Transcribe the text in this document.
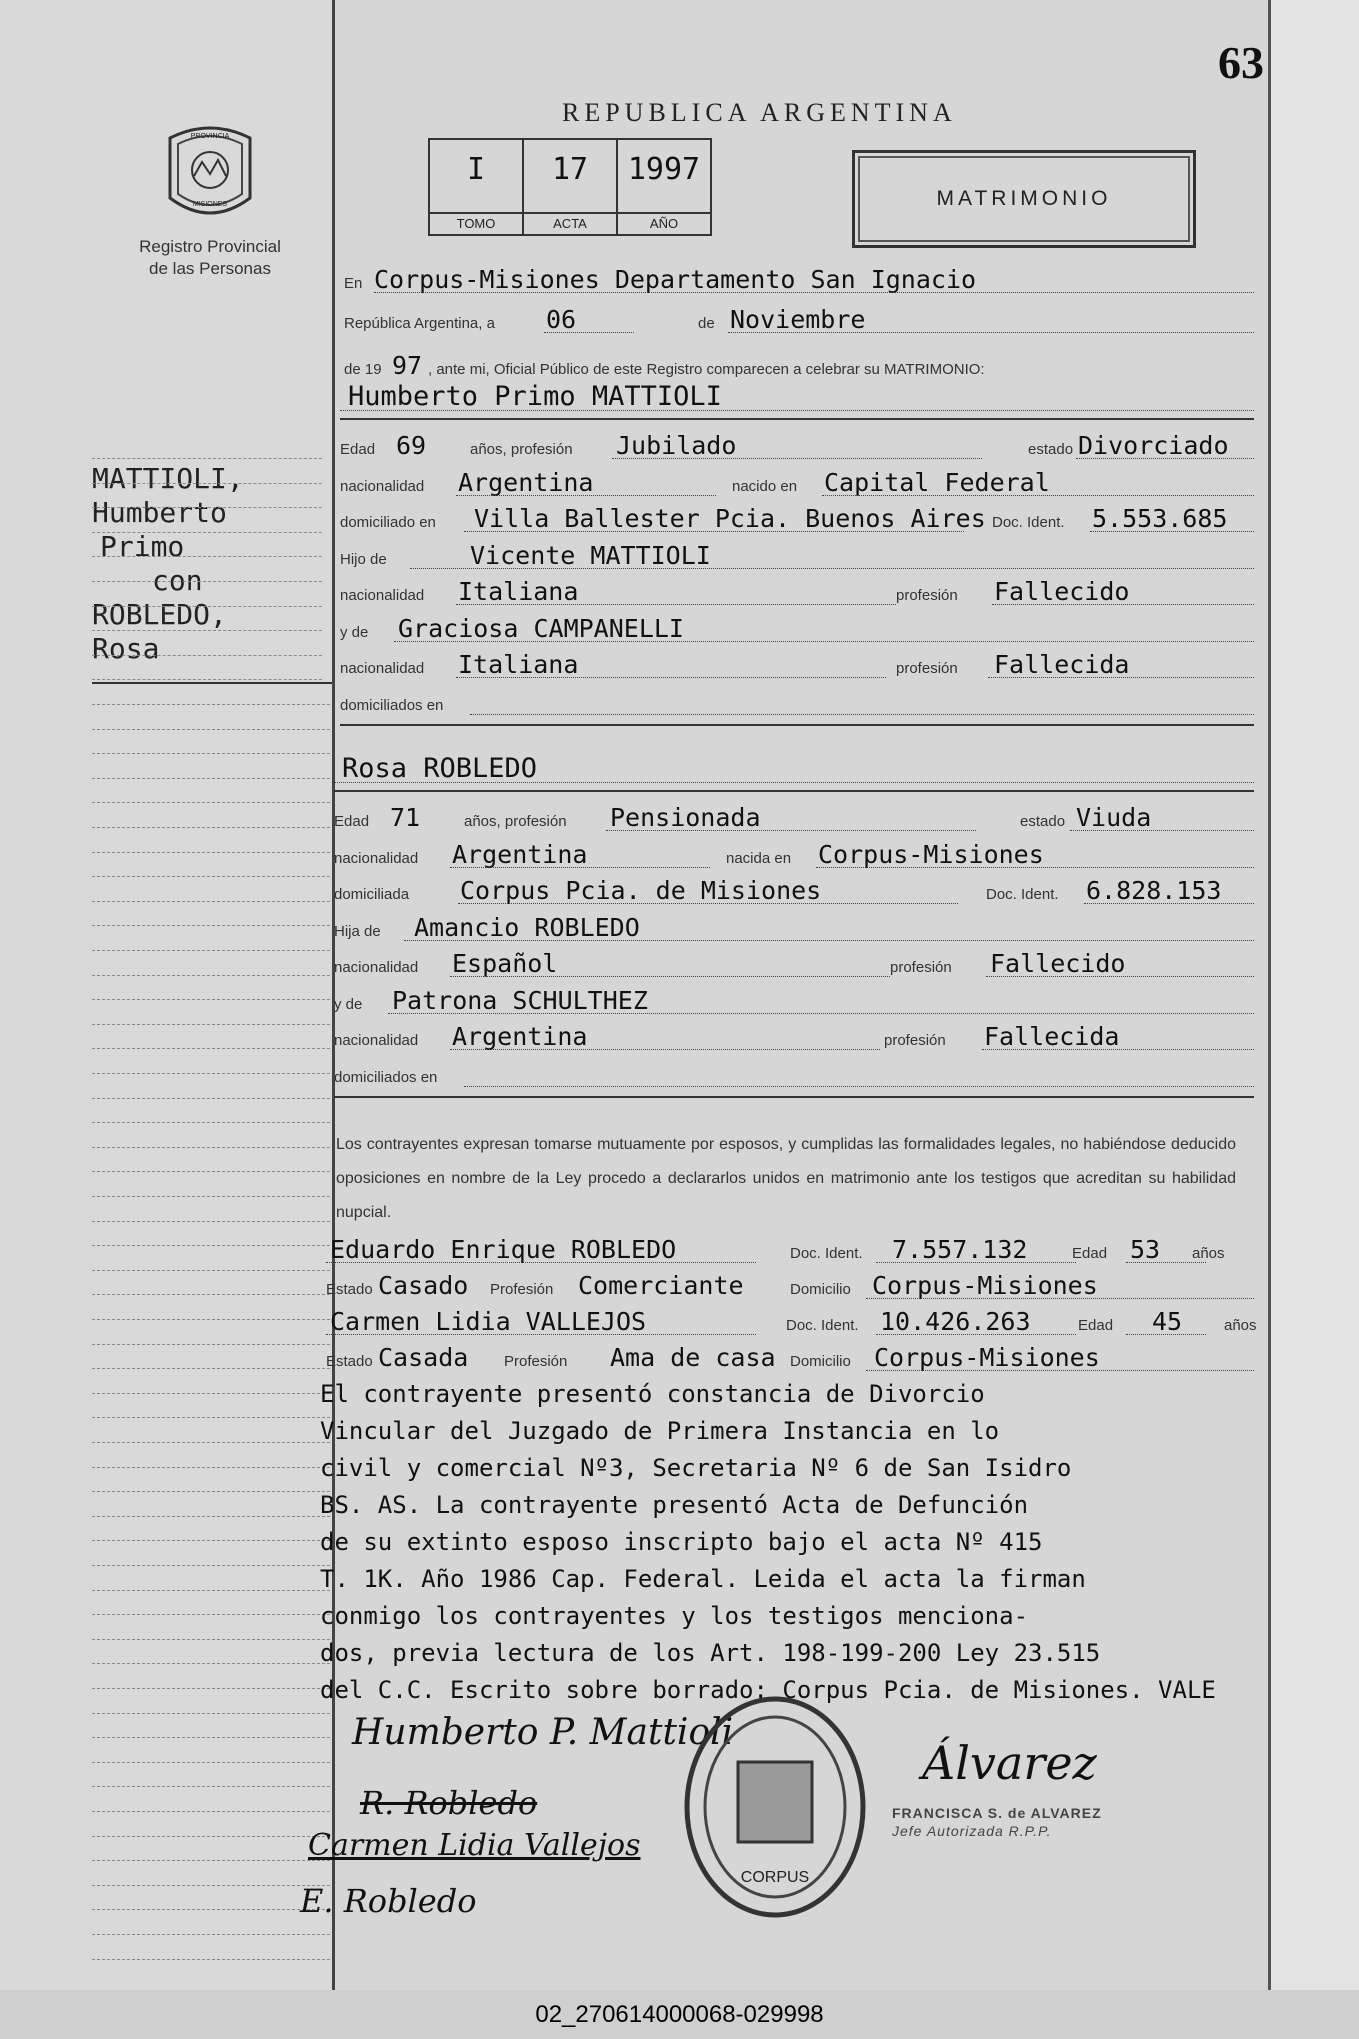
63
PROVINCIA
MISIONES
Registro Provincial
de las Personas
MATTIOLI,
Humberto
Primo
con
ROBLEDO,
Rosa
REPUBLICA ARGENTINA
I
TOMO
17
ACTA
1997
AÑO
MATRIMONIO
En Corpus-Misiones Departamento San Ignacio
República Argentina, a 06	de Noviembre
de 19 97 , ante mi, Oficial Público de este Registro comparecen a celebrar su MATRIMONIO:
Humberto Primo MATTIOLI
Edad 69	años, profesión Jubilado	estado Divorciado
nacionalidad Argentina	nacido en Capital Federal
domiciliado en Villa Ballester Pcia. Buenos Aires Doc. Ident. 5.553.685
Hijo de	Vicente MATTIOLI
nacionalidad Italiana	profesión Fallecido
y de Graciosa CAMPANELLI
nacionalidad Italiana	profesión Fallecida
domiciliados en
Rosa ROBLEDO
Edad 71	años, profesión Pensionada	estado Viuda
nacionalidad Argentina	nacida en Corpus-Misiones
domiciliada Corpus Pcia. de Misiones	Doc. Ident. 6.828.153
Hija de Amancio ROBLEDO
nacionalidad Español	profesión Fallecido
y de Patrona SCHULTHEZ
nacionalidad Argentina	profesión Fallecida
domiciliados en
Los contrayentes expresan tomarse mutuamente por esposos, y cumplidas las formalidades legales, no habiéndose deducido oposiciones en nombre de la Ley procedo a declararlos unidos en matrimonio ante los testigos que acreditan su habilidad nupcial.
Eduardo Enrique ROBLEDO	Doc. Ident. 7.557.132	Edad 53 años
Estado Casado Profesión Comerciante	Domicilio Corpus-Misiones
Carmen Lidia VALLEJOS	Doc. Ident. 10.426.263	Edad 45	años
Estado Casada Profesión Ama de casa Domicilio Corpus-Misiones
El contrayente presentó constancia de Divorcio
Vincular del Juzgado de Primera Instancia en lo
civil y comercial Nº3, Secretaria Nº 6 de San Isidro
BS. AS. La contrayente presentó Acta de Defunción
de su extinto esposo inscripto bajo el acta Nº 415
T. 1K. Año 1986 Cap. Federal. Leida el acta la firman
conmigo los contrayentes y los testigos menciona-
dos, previa lectura de los Art. 198-199-200 Ley 23.515
del C.C. Escrito sobre borrado: Corpus Pcia. de Misiones. VALE
Humberto P. Mattioli
R. Robledo
Carmen Lidia Vallejos
E. Robledo
Álvarez
CORPUS
FRANCISCA S. de ALVAREZ
Jefe Autorizada R.P.P.
02_270614000068-029998
